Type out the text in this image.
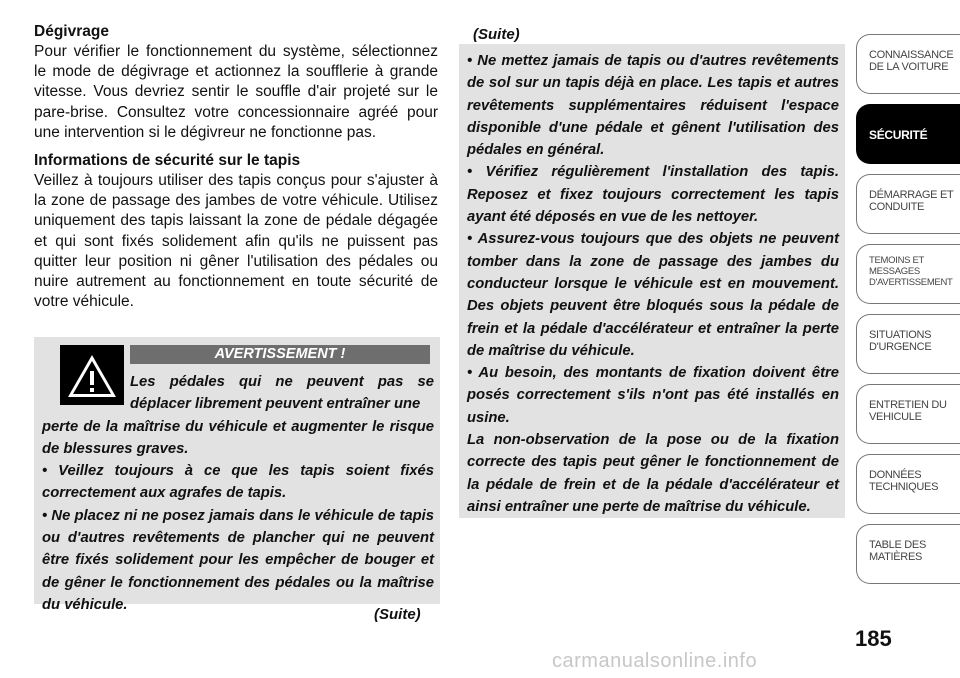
Dégivrage

Pour vérifier le fonctionnement du système, sélectionnez le mode de dégivrage et actionnez la soufflerie à grande vitesse. Vous devriez sentir le souffle d'air projeté sur le pare-brise. Consultez votre concessionnaire agréé pour une intervention si le dégivreur ne fonctionne pas.

Informations de sécurité sur le tapis

Veillez à toujours utiliser des tapis conçus pour s'ajuster à la zone de passage des jambes de votre véhicule. Utilisez uniquement des tapis laissant la zone de pédale dégagée et qui sont fixés solidement afin qu'ils ne puissent pas quitter leur position ni gêner l'utilisation des pédales ou nuire autrement au fonctionnement en toute sécurité de votre véhicule.

AVERTISSEMENT !
Les pédales qui ne peuvent pas se déplacer librement peuvent entraîner une

perte de la maîtrise du véhicule et augmenter le risque de blessures graves.

• Veillez toujours à ce que les tapis soient fixés correctement aux agrafes de tapis.

• Ne placez ni ne posez jamais dans le véhicule de tapis ou d'autres revêtements de plancher qui ne peuvent être fixés solidement pour les empêcher de bouger et de gêner le fonctionnement des pédales ou la maîtrise du véhicule.

(Suite)
(Suite)

• Ne mettez jamais de tapis ou d'autres revêtements de sol sur un tapis déjà en place. Les tapis et autres revêtements supplémentaires réduisent l'espace disponible d'une pédale et gênent l'utilisation des pédales en général.

• Vérifiez régulièrement l'installation des tapis. Reposez et fixez toujours correctement les tapis ayant été déposés en vue de les nettoyer.

• Assurez-vous toujours que des objets ne peuvent tomber dans la zone de passage des jambes du conducteur lorsque le véhicule est en mouvement. Des objets peuvent être bloqués sous la pédale de frein et la pédale d'accélérateur et entraîner la perte de maîtrise du véhicule.

• Au besoin, des montants de fixation doivent être posés correctement s'ils n'ont pas été installés en usine.

La non-observation de la pose ou de la fixation correcte des tapis peut gêner le fonctionnement de la pédale de frein et de la pédale d'accélérateur et ainsi entraîner une perte de maîtrise du véhicule.

CONNAISSANCE DE LA VOITURE
SÉCURITÉ
DÉMARRAGE ET CONDUITE
TEMOINS ET MESSAGES D'AVERTISSEMENT
SITUATIONS D'URGENCE
ENTRETIEN DU VEHICULE
DONNÉES TECHNIQUES
TABLE DES MATIÈRES
185
carmanualsonline.info
